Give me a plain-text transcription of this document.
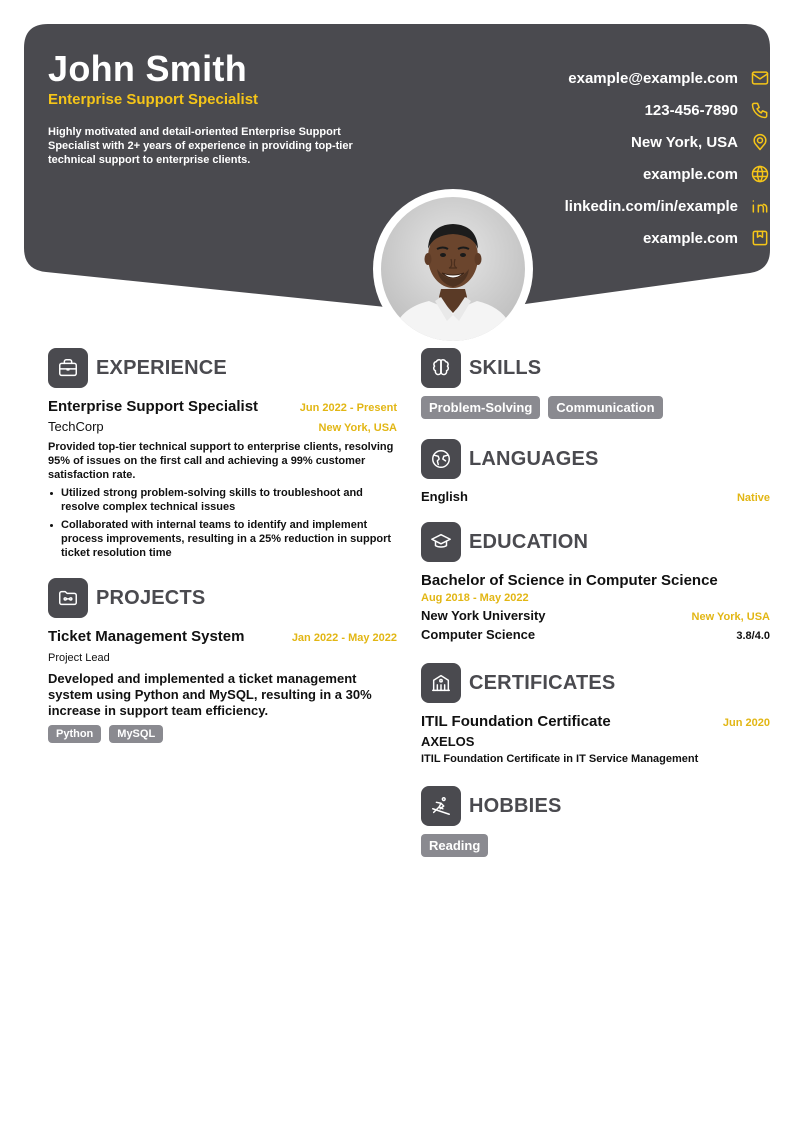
John Smith
Enterprise Support Specialist
Highly motivated and detail-oriented Enterprise Support Specialist with 2+ years of experience in providing top-tier technical support to enterprise clients.
example@example.com
123-456-7890
New York, USA
example.com
linkedin.com/in/example
example.com
EXPERIENCE
Enterprise Support Specialist	Jun 2022 - Present
TechCorp	New York, USA
Provided top-tier technical support to enterprise clients, resolving 95% of issues on the first call and achieving a 99% customer satisfaction rate.
Utilized strong problem-solving skills to troubleshoot and resolve complex technical issues
Collaborated with internal teams to identify and implement process improvements, resulting in a 25% reduction in support ticket resolution time
PROJECTS
Ticket Management System	Jan 2022 - May 2022
Project Lead
Developed and implemented a ticket management system using Python and MySQL, resulting in a 30% increase in support team efficiency.
Python	MySQL
SKILLS
Problem-Solving	Communication
LANGUAGES
English	Native
EDUCATION
Bachelor of Science in Computer Science
Aug 2018 - May 2022
New York University	New York, USA
Computer Science	3.8/4.0
CERTIFICATES
ITIL Foundation Certificate	Jun 2020
AXELOS
ITIL Foundation Certificate in IT Service Management
HOBBIES
Reading
